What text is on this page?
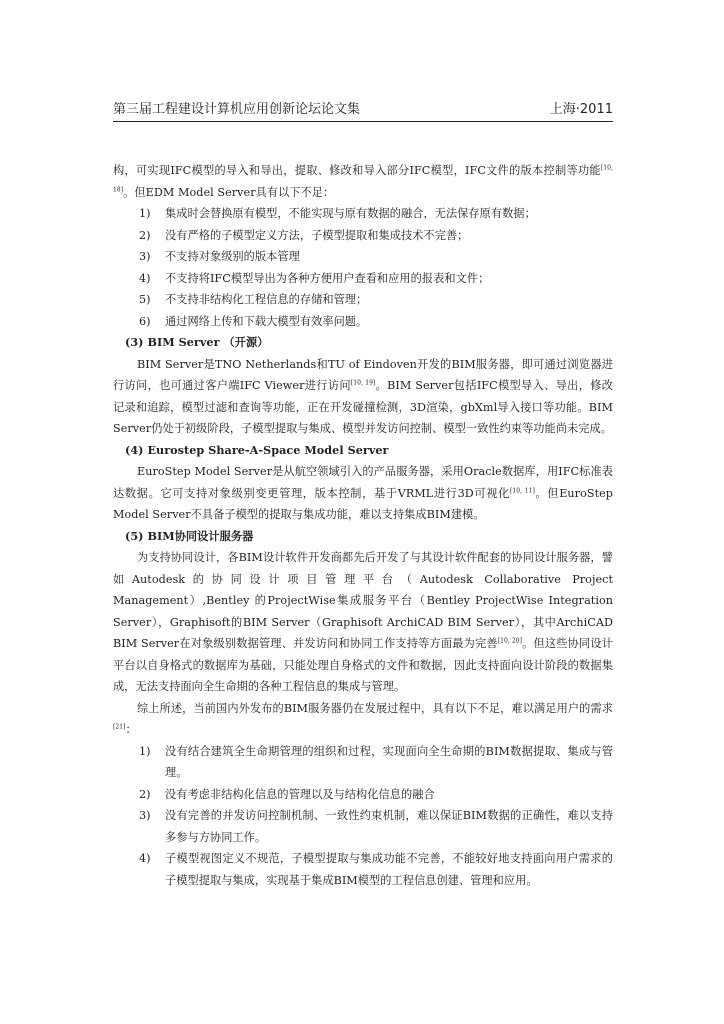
第三届工程建设计算机应用创新论坛论文集	上海·2011

构，可实现IFC模型的导入和导出，提取、修改和导入部分IFC模型，IFC文件的版本控制等功能[10, 18]。但EDM Model Server具有以下不足：

1) 集成时会替换原有模型，不能实现与原有数据的融合，无法保存原有数据；

2) 没有严格的子模型定义方法，子模型提取和集成技术不完善；

3) 不支持对象级别的版本管理

4) 不支持将IFC模型导出为各种方便用户查看和应用的报表和文件；

5) 不支持非结构化工程信息的存储和管理；

6) 通过网络上传和下载大模型有效率问题。

(3) BIM Server （开源）

BIM Server是TNO Netherlands和TU of Eindoven开发的BIM服务器，即可通过浏览器进行访问，也可通过客户端IFC Viewer进行访问[10, 19]。BIM Server包括IFC模型导入、导出，修改记录和追踪，模型过滤和查询等功能，正在开发碰撞检测，3D渲染，gbXml导入接口等功能。BIM Server仍处于初级阶段，子模型提取与集成、模型并发访问控制、模型一致性约束等功能尚未完成。

(4) Eurostep Share-A-Space Model Server

EuroStep Model Server是从航空领域引入的产品服务器，采用Oracle数据库，用IFC标准表达数据。它可支持对象级别变更管理，版本控制，基于VRML进行3D可视化[10, 11]。但EuroStep Model Server不具备子模型的提取与集成功能，难以支持集成BIM建模。

(5) BIM协同设计服务器

为支持协同设计，各BIM设计软件开发商都先后开发了与其设计软件配套的协同设计服务器，譬如Autodesk的协同设计项目管理平台（Autodesk Collaborative Project Management）,Bentley 的ProjectWise集成服务平台（Bentley ProjectWise Integration Server），Graphisoft的BIM Server（Graphisoft ArchiCAD BIM Server），其中ArchiCAD BIM Server在对象级别数据管理、并发访问和协同工作支持等方面最为完善[10, 20]。但这些协同设计平台以自身格式的数据库为基础，只能处理自身格式的文件和数据，因此支持面向设计阶段的数据集成，无法支持面向全生命期的各种工程信息的集成与管理。

综上所述，当前国内外发布的BIM服务器仍在发展过程中，具有以下不足，难以满足用户的需求[21]：

1) 没有结合建筑全生命期管理的组织和过程，实现面向全生命期的BIM数据提取、集成与管理。

2) 没有考虑非结构化信息的管理以及与结构化信息的融合

3) 没有完善的并发访问控制机制、一致性约束机制，难以保证BIM数据的正确性，难以支持多参与方协同工作。

4) 子模型视图定义不规范，子模型提取与集成功能不完善，不能较好地支持面向用户需求的子模型提取与集成，实现基于集成BIM模型的工程信息创建、管理和应用。
